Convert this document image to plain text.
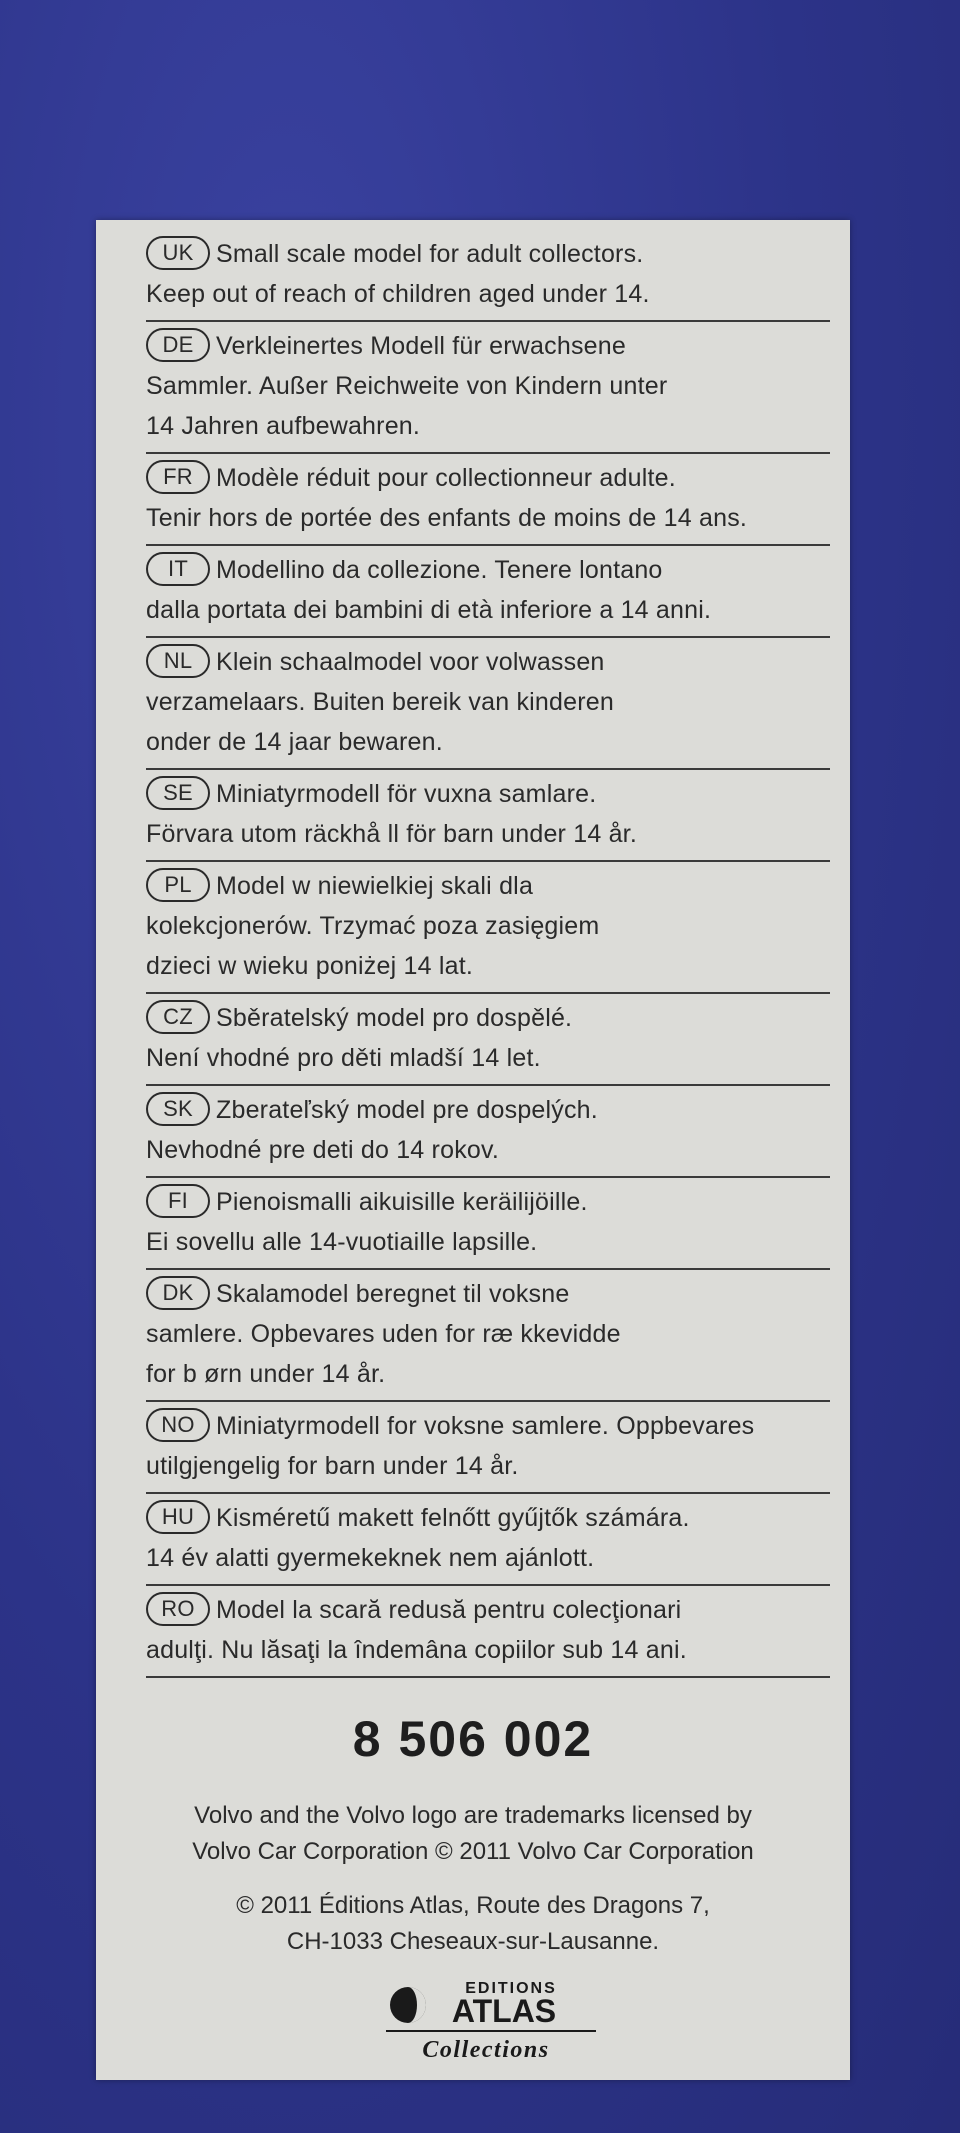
UK Small scale model for adult collectors.
Keep out of reach of children aged under 14.
DE Verkleinertes Modell für erwachsene
Sammler. Außer Reichweite von Kindern unter
14 Jahren aufbewahren.
FR Modèle réduit pour collectionneur adulte.
Tenir hors de portée des enfants de moins de 14 ans.
IT Modellino da collezione. Tenere lontano
dalla portata dei bambini di età inferiore a 14 anni.
NL Klein schaalmodel voor volwassen
verzamelaars. Buiten bereik van kinderen
onder de 14 jaar bewaren.
SE Miniatyrmodell för vuxna samlare.
Förvara utom räckhå ll för barn under 14 år.
PL Model w niewielkiej skali dla
kolekcjonerów. Trzymać poza zasięgiem
dzieci w wieku poniżej 14 lat.
CZ Sběratelský model pro dospělé.
Není vhodné pro děti mladší 14 let.
SK Zberateľský model pre dospelých.
Nevhodné pre deti do 14 rokov.
FI Pienoismalli aikuisille keräilijöille.
Ei sovellu alle 14-vuotiaille lapsille.
DK Skalamodel beregnet til voksne
samlere. Opbevares uden for ræ kkevidde
for b ørn under 14 år.
NO Miniatyrmodell for voksne samlere. Oppbevares
utilgjengelig for barn under 14 år.
HU Kisméretű makett felnőtt gyűjtők számára.
14 év alatti gyermekeknek nem ajánlott.
RO Model la scară redusă pentru colecţionari
adulţi. Nu lăsaţi la îndemâna copiilor sub 14 ani.
8 506 002
Volvo and the Volvo logo are trademarks licensed by
Volvo Car Corporation © 2011 Volvo Car Corporation
© 2011 Éditions Atlas, Route des Dragons 7,
CH-1033 Cheseaux-sur-Lausanne.
EDITIONS
ATLAS
Collections
